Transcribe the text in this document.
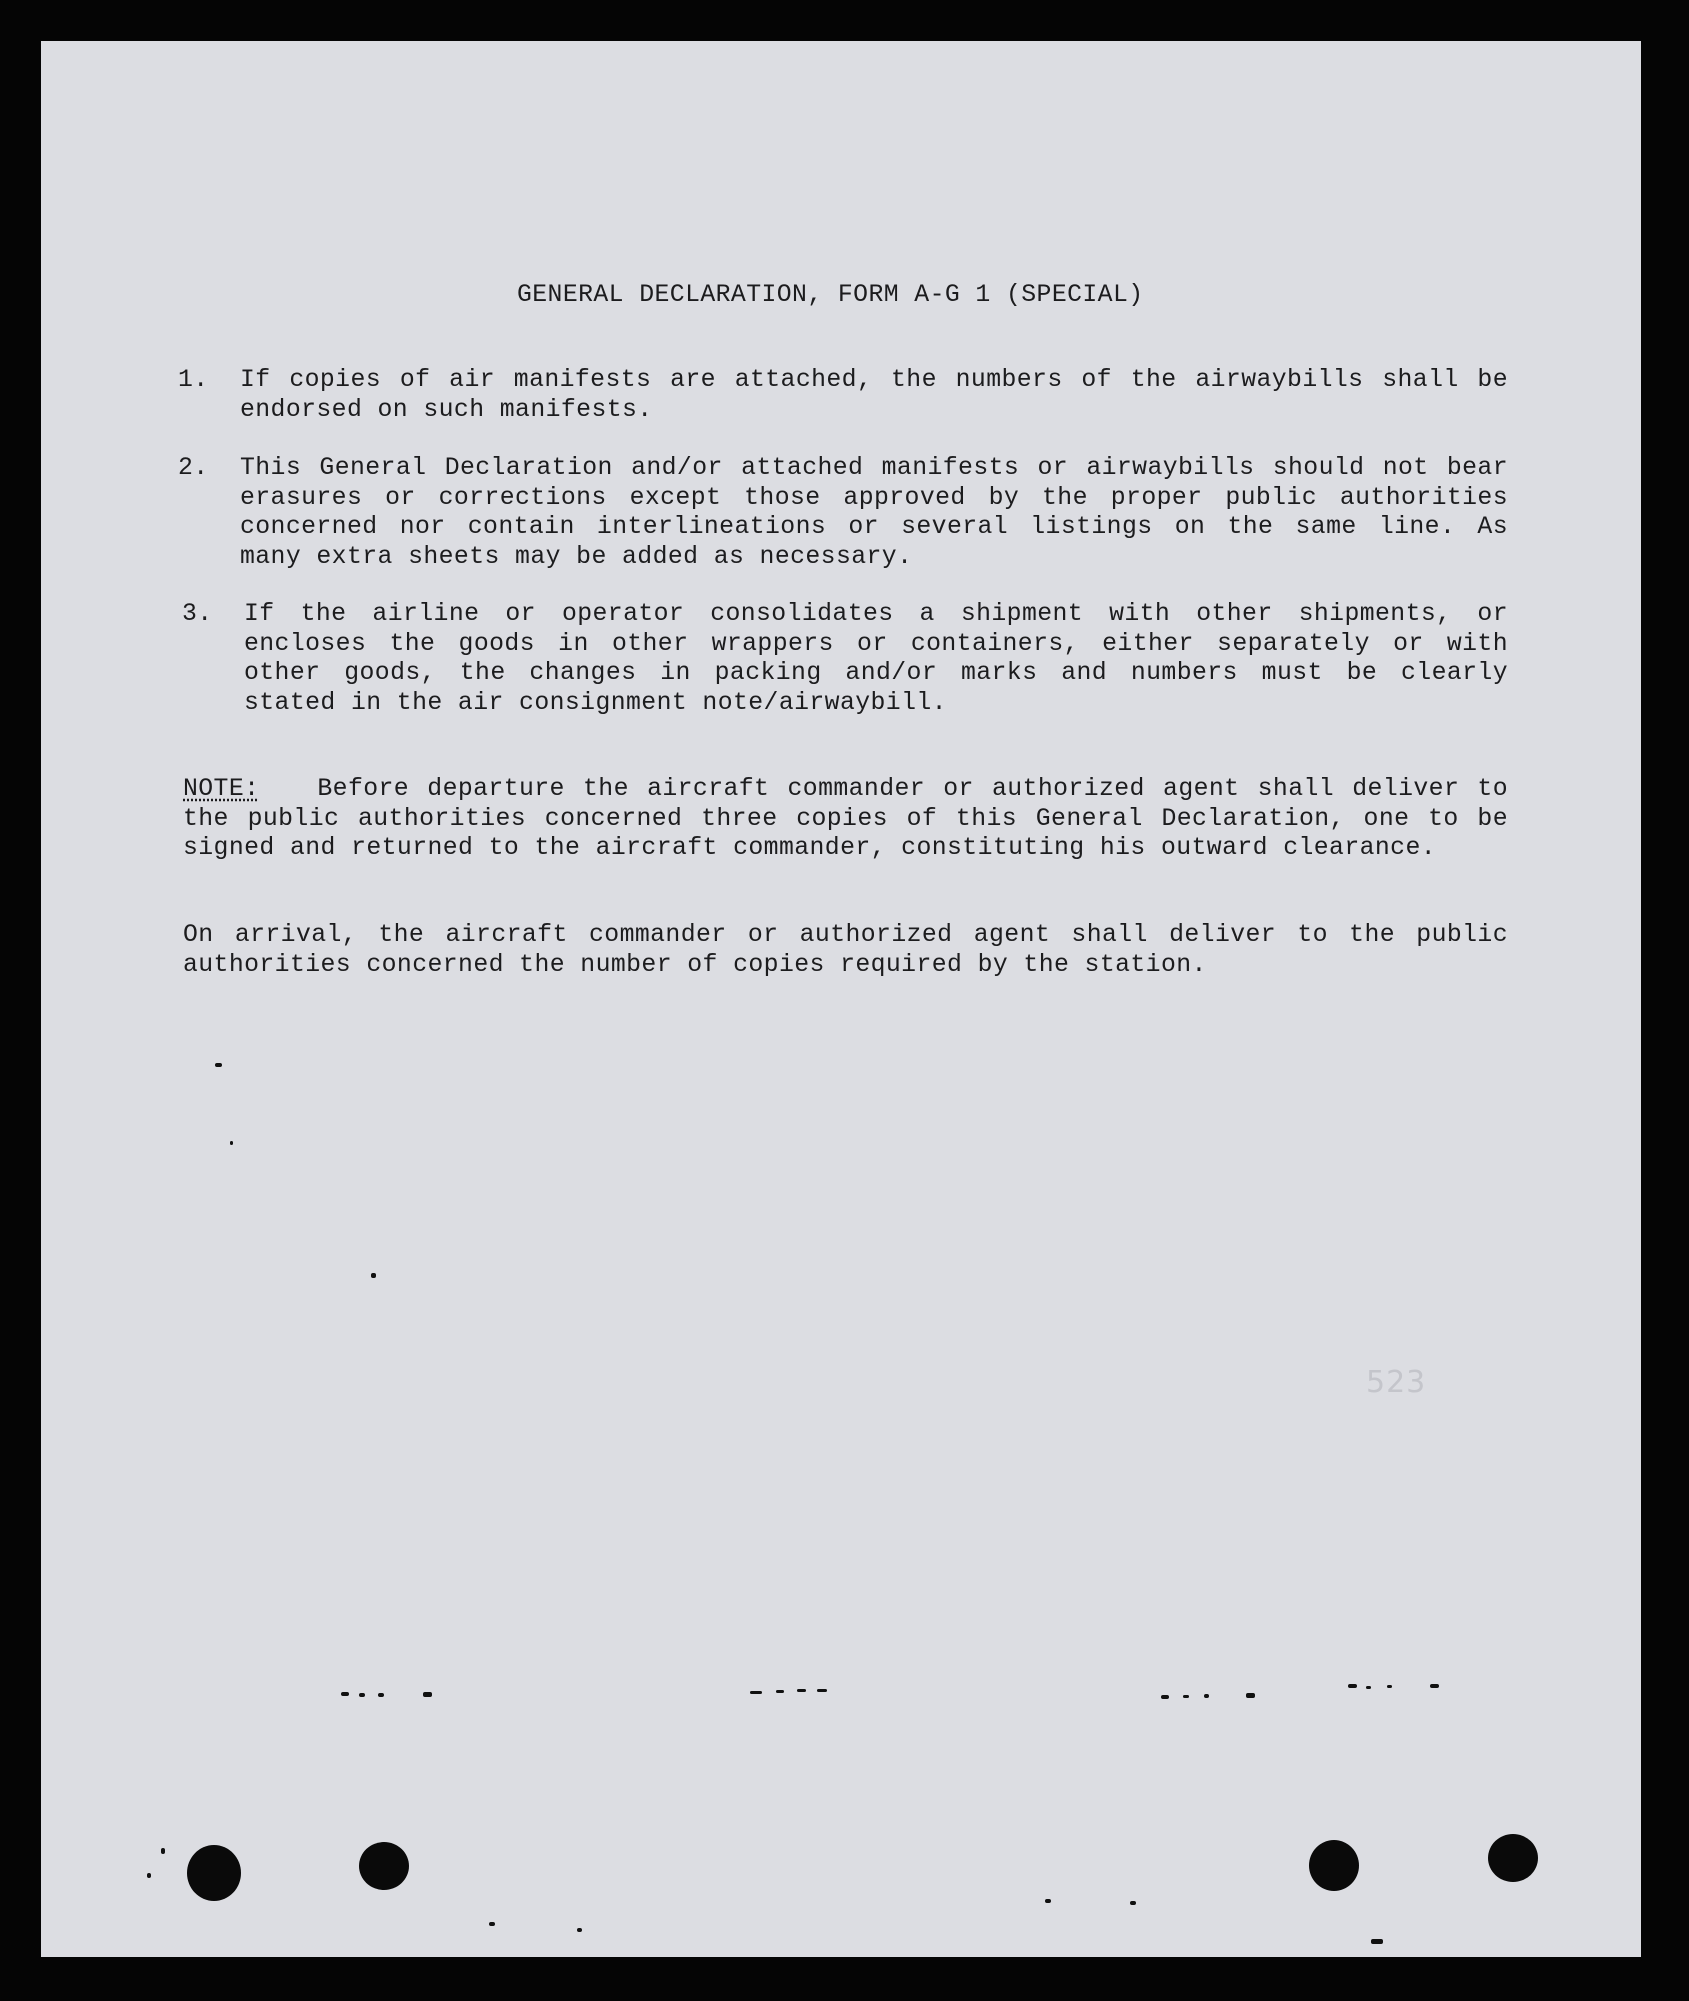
GENERAL DECLARATION, FORM A-G 1 (SPECIAL)
1. If copies of air manifests are attached, the numbers of the airwaybills shall be endorsed on such manifests.
2. This General Declaration and/or attached manifests or airwaybills should not bear erasures or corrections except those approved by the proper public authorities concerned nor contain interlineations or several listings on the same line. As many extra sheets may be added as necessary.
3. If the airline or operator consolidates a shipment with other shipments, or encloses the goods in other wrappers or containers, either separately or with other goods, the changes in packing and/or marks and numbers must be clearly stated in the air consignment note/airwaybill.
NOTE: Before departure the aircraft commander or authorized agent shall deliver to the public authorities concerned three copies of this General Declaration, one to be signed and returned to the aircraft commander, constituting his outward clearance.
On arrival, the aircraft commander or authorized agent shall deliver to the public authorities concerned the number of copies required by the station.
523
